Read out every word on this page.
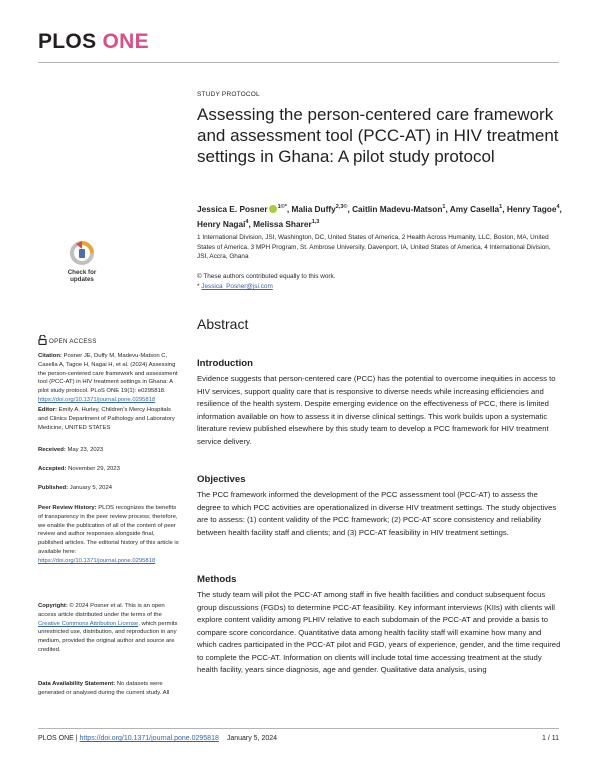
PLOS ONE
Check for updates
OPEN ACCESS
Citation: Posner JE, Duffy M, Madevu-Matson C, Casella A, Tagoe H, Nagai H, et al. (2024) Assessing the person-centered care framework and assessment tool (PCC-AT) in HIV treatment settings in Ghana: A pilot study protocol. PLoS ONE 19(1): e0295818. https://doi.org/10.1371/journal.pone.0295818
Editor: Emily A. Hurley, Children's Mercy Hospitals and Clinics Department of Pathology and Laboratory Medicine, UNITED STATES
Received: May 23, 2023
Accepted: November 29, 2023
Published: January 5, 2024
Peer Review History: PLOS recognizes the benefits of transparency in the peer review process; therefore, we enable the publication of all of the content of peer review and author responses alongside final, published articles. The editorial history of this article is available here: https://doi.org/10.1371/journal.pone.0295818
Copyright: © 2024 Posner et al. This is an open access article distributed under the terms of the Creative Commons Attribution License, which permits unrestricted use, distribution, and reproduction in any medium, provided the original author and source are credited.
Data Availability Statement: No datasets were generated or analysed during the current study. All
STUDY PROTOCOL
Assessing the person-centered care framework and assessment tool (PCC-AT) in HIV treatment settings in Ghana: A pilot study protocol
Jessica E. Posner $^{1©*}$, Malia Duffy$^{2,3©}$, Caitlin Madevu-Matson$^1$, Amy Casella$^1$, Henry Tagoe$^4$, Henry Nagai$^4$, Melissa Sharer$^{1,3}$
1 International Division, JSI, Washington, DC, United States of America, 2 Health Across Humanity, LLC, Boston, MA, United States of America, 3 MPH Program, St. Ambrose University, Davenport, IA, United States of America, 4 International Division, JSI, Accra, Ghana
© These authors contributed equally to this work.
* Jessica_Posner@jsi.com
Abstract
Introduction

Evidence suggests that person-centered care (PCC) has the potential to overcome inequities in access to HIV services, support quality care that is responsive to diverse needs while increasing efficiencies and resilience of the health system. Despite emerging evidence on the effectiveness of PCC, there is limited information available on how to assess it in diverse clinical settings. This work builds upon a systematic literature review published elsewhere by this study team to develop a PCC framework for HIV treatment service delivery.

Objectives

The PCC framework informed the development of the PCC assessment tool (PCC-AT) to assess the degree to which PCC activities are operationalized in diverse HIV treatment settings. The study objectives are to assess: (1) content validity of the PCC framework; (2) PCC-AT score consistency and reliability between health facility staff and clients; and (3) PCC-AT feasibility in HIV treatment settings.

Methods

The study team will pilot the PCC-AT among staff in five health facilities and conduct subsequent focus group discussions (FGDs) to determine PCC-AT feasibility. Key informant interviews (KIIs) with clients will explore content validity among PLHIV relative to each subdomain of the PCC-AT and provide a basis to compare score concordance. Quantitative data among health facility staff will examine how many and which cadres participated in the PCC-AT pilot and FGD, years of experience, gender, and the time required to complete the PCC-AT. Information on clients will include total time accessing treatment at the study health facility, years since diagnosis, age and gender. Qualitative data analysis, using

PLOS ONE | https://doi.org/10.1371/journal.pone.0295818 January 5, 2024	1 / 11
